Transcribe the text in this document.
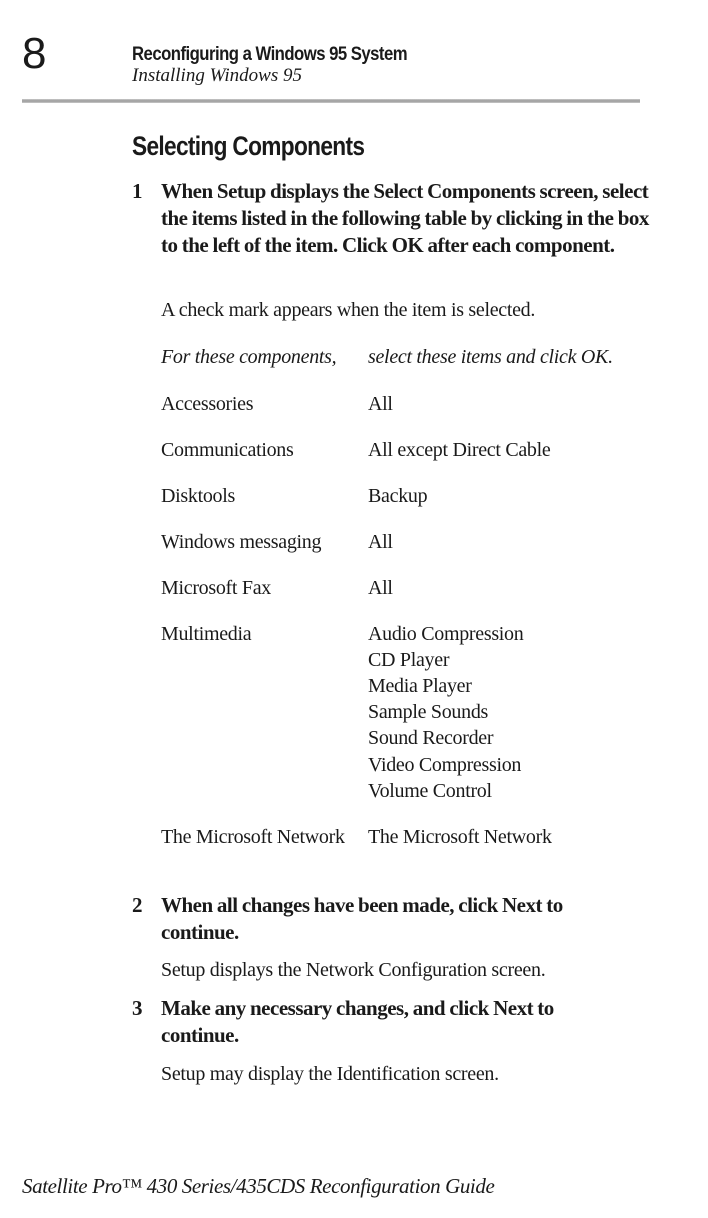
8	Reconfiguring a Windows 95 System
Installing Windows 95
Selecting Components
1 When Setup displays the Select Components screen, select the items listed in the following table by clicking in the box to the left of the item. Click OK after each component.
A check mark appears when the item is selected.
For these components, select these items and click OK.
Accessories	All
Communications	All except Direct Cable
Disktools	Backup
Windows messaging All
Microsoft Fax	All
Multimedia	Audio Compression
CD Player
Media Player
Sample Sounds
Sound Recorder
Video Compression
Volume Control
The Microsoft Network The Microsoft Network
2 When all changes have been made, click Next to continue.
Setup displays the Network Configuration screen.
3 Make any necessary changes, and click Next to continue.
Setup may display the Identification screen.
Satellite Pro™ 430 Series/435CDS Reconfiguration Guide
